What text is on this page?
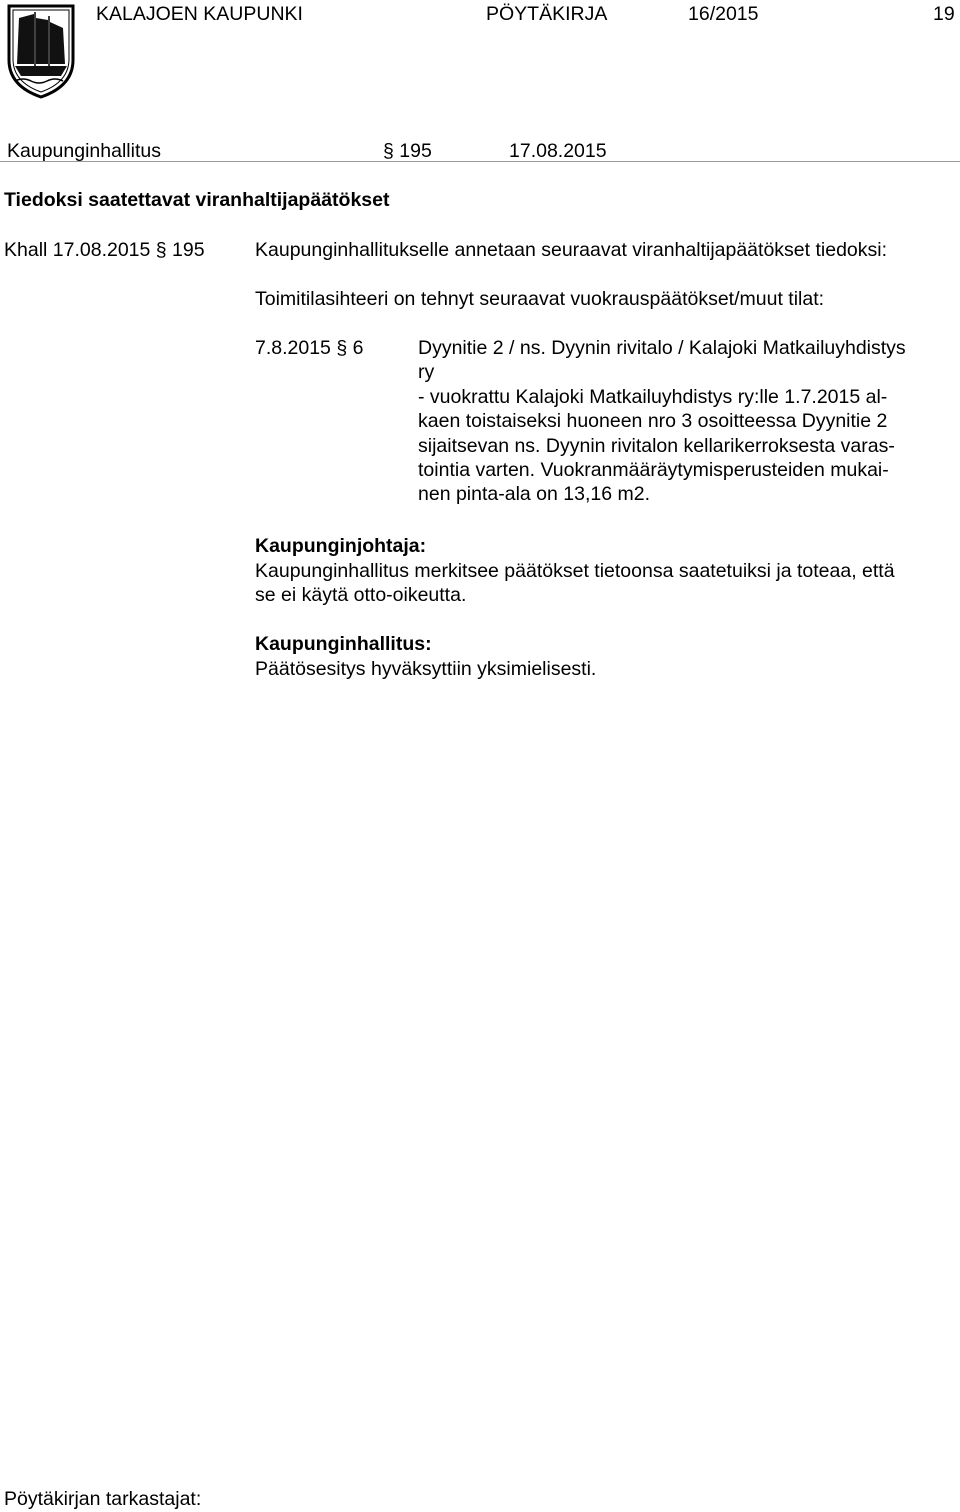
KALAJOEN KAUPUNKI	PÖYTÄKIRJA	16/2015	19
Kaupunginhallitus	§ 195	17.08.2015
Tiedoksi saatettavat viranhaltijapäätökset
Khall 17.08.2015 § 195	Kaupunginhallitukselle annetaan seuraavat viranhaltijapäätökset tiedoksi:
Toimitilasihteeri on tehnyt seuraavat vuokrauspäätökset/muut tilat:
7.8.2015 § 6	Dyynitie 2 / ns. Dyynin rivitalo / Kalajoki Matkailuyhdistys
ry
- vuokrattu Kalajoki Matkailuyhdistys ry:lle 1.7.2015 al-
kaen toistaiseksi huoneen nro 3 osoitteessa Dyynitie 2
sijaitsevan ns. Dyynin rivitalon kellarikerroksesta varas-
tointia varten. Vuokranmääräytymisperusteiden mukai-
nen pinta-ala on 13,16 m2.
Kaupunginjohtaja:
Kaupunginhallitus merkitsee päätökset tietoonsa saatetuiksi ja toteaa, että
se ei käytä otto-oikeutta.
Kaupunginhallitus:
Päätösesitys hyväksyttiin yksimielisesti.
Pöytäkirjan tarkastajat:
